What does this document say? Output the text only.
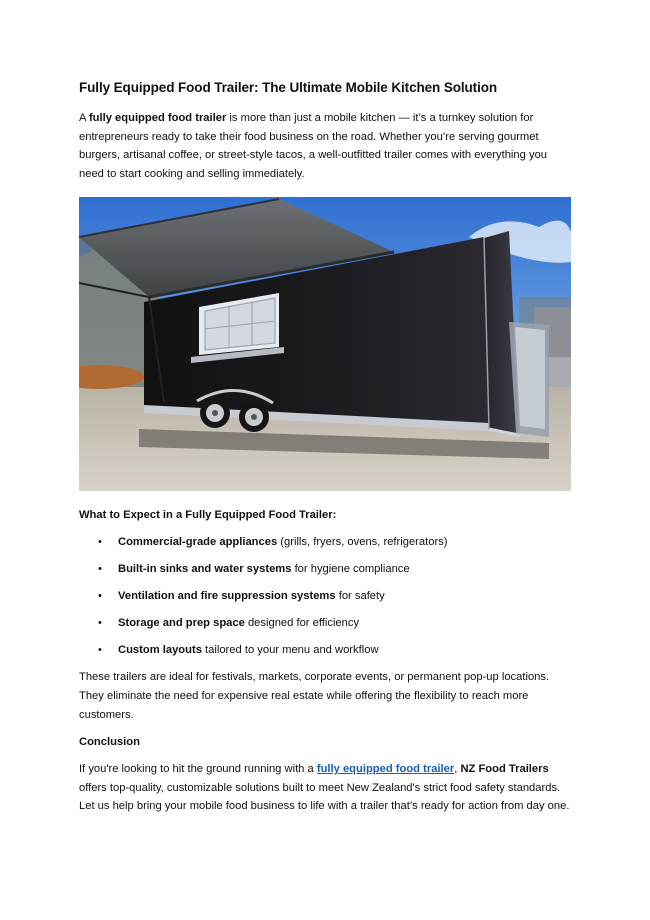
Fully Equipped Food Trailer: The Ultimate Mobile Kitchen Solution

A fully equipped food trailer is more than just a mobile kitchen — it’s a turnkey solution for entrepreneurs ready to take their food business on the road. Whether you’re serving gourmet burgers, artisanal coffee, or street-style tacos, a well-outfitted trailer comes with everything you need to start cooking and selling immediately.

What to Expect in a Fully Equipped Food Trailer:
• Commercial-grade appliances (grills, fryers, ovens, refrigerators)
• Built-in sinks and water systems for hygiene compliance
• Ventilation and fire suppression systems for safety
• Storage and prep space designed for efficiency
• Custom layouts tailored to your menu and workflow

These trailers are ideal for festivals, markets, corporate events, or permanent pop-up locations. They eliminate the need for expensive real estate while offering the flexibility to reach more customers.

Conclusion

If you're looking to hit the ground running with a fully equipped food trailer, NZ Food Trailers offers top-quality, customizable solutions built to meet New Zealand's strict food safety standards. Let us help bring your mobile food business to life with a trailer that’s ready for action from day one.
